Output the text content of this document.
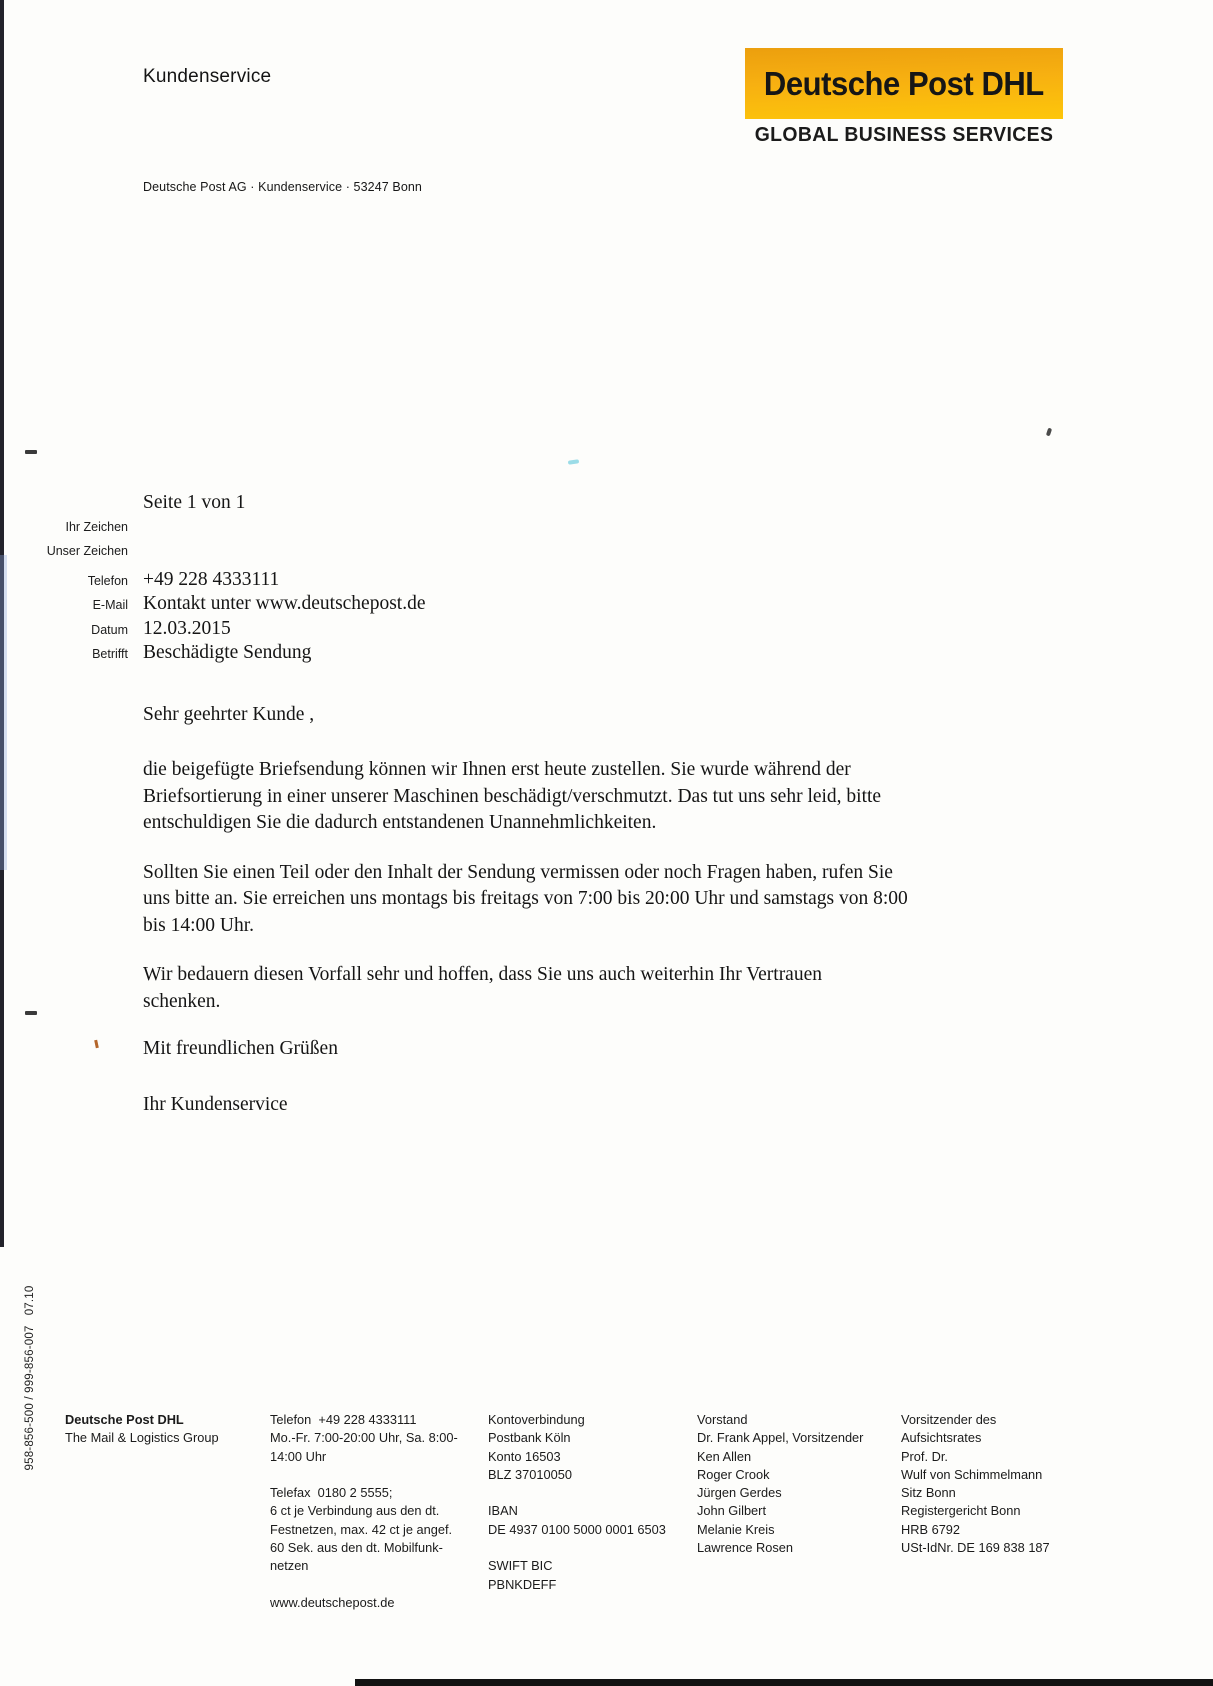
Kundenservice	Deutsche Post DHL
GLOBAL BUSINESS SERVICES
Deutsche Post AG · Kundenservice · 53247 Bonn
Seite 1 von 1
Ihr Zeichen
Unser Zeichen
Telefon +49 228 4333111
E-Mail Kontakt unter www.deutschepost.de
Datum 12.03.2015
Betrifft Beschädigte Sendung
Sehr geehrter Kunde ,
die beigefügte Briefsendung können wir Ihnen erst heute zustellen. Sie wurde während der
Briefsortierung in einer unserer Maschinen beschädigt/verschmutzt. Das tut uns sehr leid, bitte
entschuldigen Sie die dadurch entstandenen Unannehmlichkeiten.
Sollten Sie einen Teil oder den Inhalt der Sendung vermissen oder noch Fragen haben, rufen Sie
uns bitte an. Sie erreichen uns montags bis freitags von 7:00 bis 20:00 Uhr und samstags von 8:00
bis 14:00 Uhr.
Wir bedauern diesen Vorfall sehr und hoffen, dass Sie uns auch weiterhin Ihr Vertrauen
schenken.
Mit freundlichen Grüßen
Ihr Kundenservice
958-856-500 / 999-856-007   07.10 Deutsche Post DHL
The Mail & Logistics Group
Telefon  +49 228 4333111
Mo.-Fr. 7:00-20:00 Uhr, Sa. 8:00-
14:00 Uhr

Telefax  0180 2 5555;
6 ct je Verbindung aus den dt.
Festnetzen, max. 42 ct je angef.
60 Sek. aus den dt. Mobilfunk-
netzen

www.deutschepost.de
Kontoverbindung
Postbank Köln
Konto 16503
BLZ 37010050

IBAN
DE 4937 0100 5000 0001 6503

SWIFT BIC
PBNKDEFF
Vorstand
Dr. Frank Appel, Vorsitzender
Ken Allen
Roger Crook
Jürgen Gerdes
John Gilbert
Melanie Kreis
Lawrence Rosen
Vorsitzender des
Aufsichtsrates
Prof. Dr.
Wulf von Schimmelmann
Sitz Bonn
Registergericht Bonn
HRB 6792
USt-IdNr. DE 169 838 187
